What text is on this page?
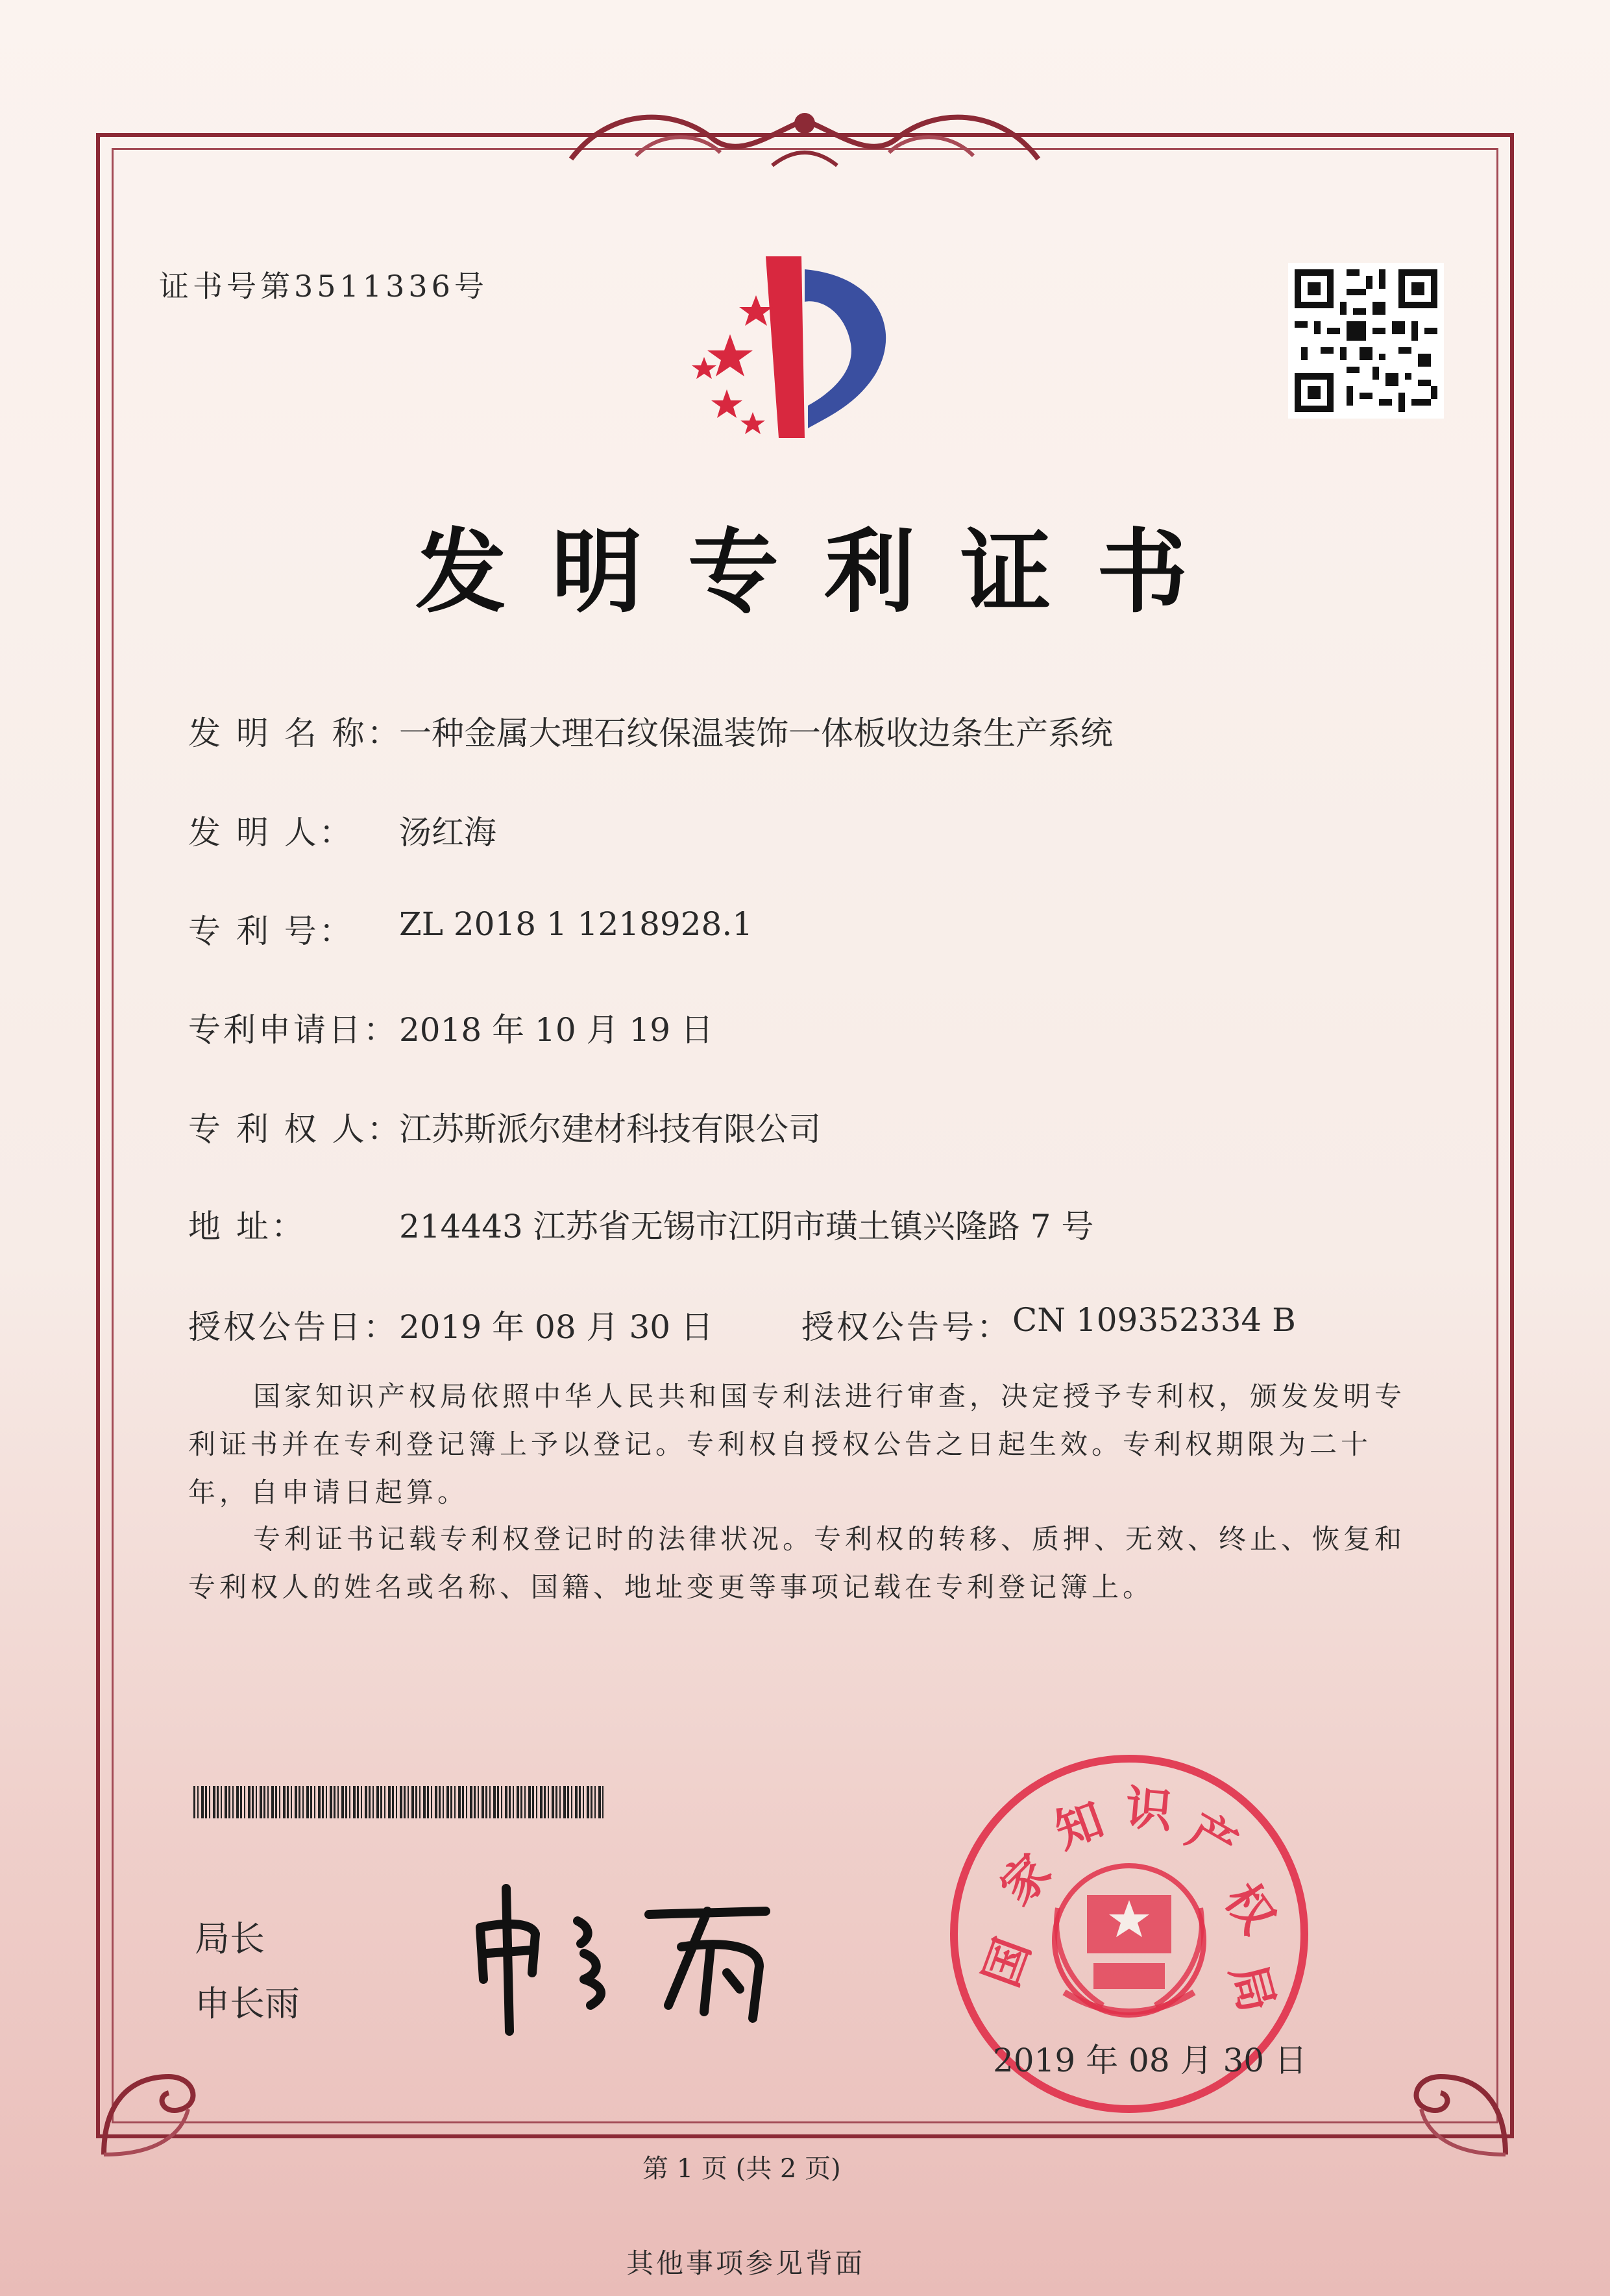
证书号第3511336号
发明专利证书
发 明 名 称：
一种金属大理石纹保温装饰一体板收边条生产系统
发 明 人： 汤红海
专 利 号： ZL 2018 1 1218928.1
专利申请日： 2018 年 10 月 19 日
专 利 权 人：
江苏斯派尔建材科技有限公司
地 址：	214443 江苏省无锡市江阴市璜土镇兴隆路 7 号
授权公告日： 2019 年 08 月 30 日	授权公告号： CN 109352334 B
国家知识产权局依照中华人民共和国专利法进行审查，决定授予专利权，颁发发明专利证书并在专利登记簿上予以登记。专利权自授权公告之日起生效。专利权期限为二十年，自申请日起算。
专利证书记载专利权登记时的法律状况。专利权的转移、质押、无效、终止、恢复和专利权人的姓名或名称、国籍、地址变更等事项记载在专利登记簿上。
局长
申长雨
国
家
知 识 产
权
局
2019 年 08 月 30 日
第 1 页 (共 2 页)
其他事项参见背面
